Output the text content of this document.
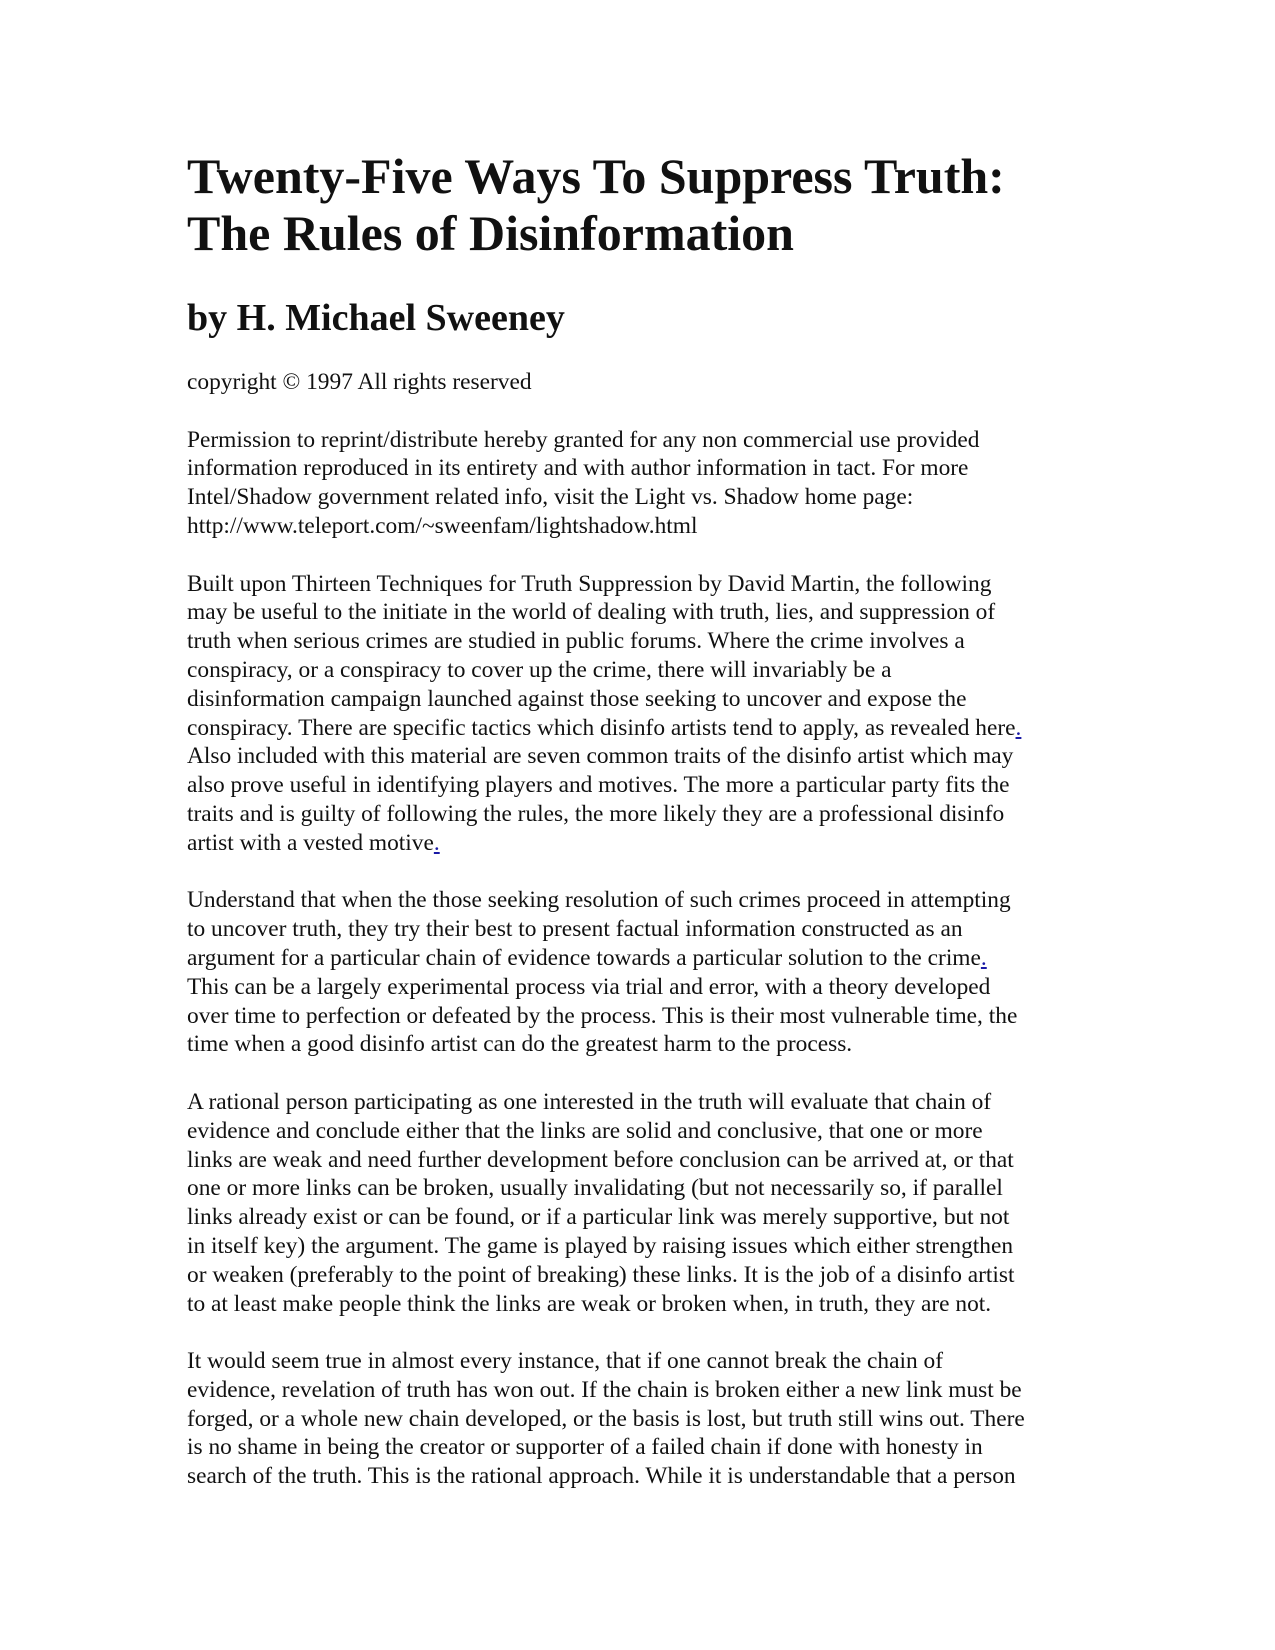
Twenty-Five Ways To Suppress Truth:
The Rules of Disinformation
by H. Michael Sweeney

copyright © 1997 All rights reserved

Permission to reprint/distribute hereby granted for any non commercial use provided
information reproduced in its entirety and with author information in tact. For more
Intel/Shadow government related info, visit the Light vs. Shadow home page:
http://www.teleport.com/~sweenfam/lightshadow.html
Built upon Thirteen Techniques for Truth Suppression by David Martin, the following
may be useful to the initiate in the world of dealing with truth, lies, and suppression of
truth when serious crimes are studied in public forums. Where the crime involves a
conspiracy, or a conspiracy to cover up the crime, there will invariably be a
disinformation campaign launched against those seeking to uncover and expose the
conspiracy. There are specific tactics which disinfo artists tend to apply, as revealed here.
Also included with this material are seven common traits of the disinfo artist which may
also prove useful in identifying players and motives. The more a particular party fits the
traits and is guilty of following the rules, the more likely they are a professional disinfo
artist with a vested motive.
Understand that when the those seeking resolution of such crimes proceed in attempting
to uncover truth, they try their best to present factual information constructed as an
argument for a particular chain of evidence towards a particular solution to the crime.
This can be a largely experimental process via trial and error, with a theory developed
over time to perfection or defeated by the process. This is their most vulnerable time, the
time when a good disinfo artist can do the greatest harm to the process.
A rational person participating as one interested in the truth will evaluate that chain of
evidence and conclude either that the links are solid and conclusive, that one or more
links are weak and need further development before conclusion can be arrived at, or that
one or more links can be broken, usually invalidating (but not necessarily so, if parallel
links already exist or can be found, or if a particular link was merely supportive, but not
in itself key) the argument. The game is played by raising issues which either strengthen
or weaken (preferably to the point of breaking) these links. It is the job of a disinfo artist
to at least make people think the links are weak or broken when, in truth, they are not.
It would seem true in almost every instance, that if one cannot break the chain of
evidence, revelation of truth has won out. If the chain is broken either a new link must be
forged, or a whole new chain developed, or the basis is lost, but truth still wins out. There
is no shame in being the creator or supporter of a failed chain if done with honesty in
search of the truth. This is the rational approach. While it is understandable that a person
